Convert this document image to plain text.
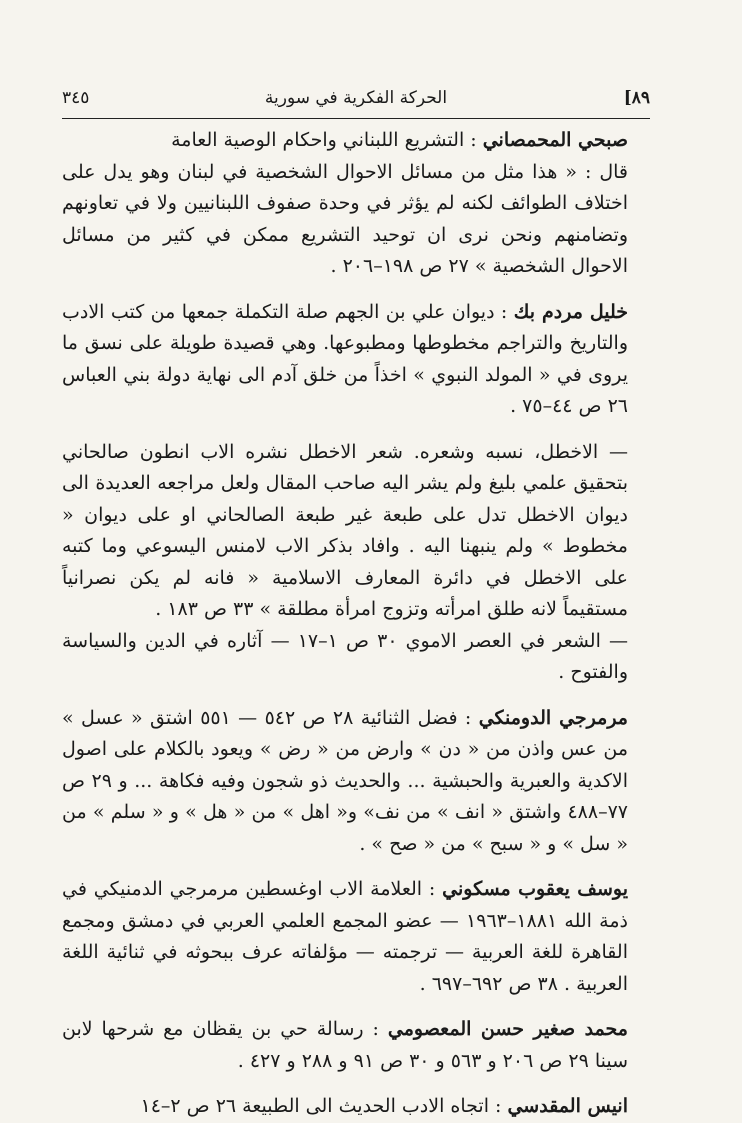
٨٩]
الحركة الفكرية في سورية
٣٤٥

صبحي المحمصاني : التشريع اللبناني واحكام الوصية العامة

قال : « هذا مثل من مسائل الاحوال الشخصية في لبنان وهو يدل على اختلاف الطوائف لكنه لم يؤثر في وحدة صفوف اللبنانيين ولا في تعاونهم وتضامنهم ونحن نرى ان توحيد التشريع ممكن في كثير من مسائل الاحوال الشخصية » ٢٧ ص ١٩٨–٢٠٦ .

خليل مردم بك : ديوان علي بن الجهم صلة التكملة جمعها من كتب الادب والتاريخ والتراجم مخطوطها ومطبوعها. وهي قصيدة طويلة على نسق ما يروى في « المولد النبوي » اخذاً من خلق آدم الى نهاية دولة بني العباس ٢٦ ص ٤٤–٧٥ .

— الاخطل، نسبه وشعره. شعر الاخطل نشره الاب انطون صالحاني بتحقيق علمي بليغ ولم يشر اليه صاحب المقال ولعل مراجعه العديدة الى ديوان الاخطل تدل على طبعة غير طبعة الصالحاني او على ديوان « مخطوط » ولم ينبهنا اليه . وافاد بذكر الاب لامنس اليسوعي وما كتبه على الاخطل في دائرة المعارف الاسلامية « فانه لم يكن نصرانياً مستقيماً لانه طلق امرأته وتزوج امرأة مطلقة » ٣٣ ص ١٨٣ .

— الشعر في العصر الاموي ٣٠ ص ١–١٧ — آثاره في الدين والسياسة والفتوح .

مرمرجي الدومنكي : فضل الثنائية ٢٨ ص ٥٤٢ — ٥٥١ اشتق « عسل » من عس واذن من « دن » وارض من « رض » ويعود بالكلام على اصول الاكدية والعبرية والحبشية ... والحديث ذو شجون وفيه فكاهة ... و ٢٩ ص ٧٧–٤٨٨ واشتق « انف » من نف» و« اهل » من « هل » و « سلم » من « سل » و « سبح » من « صح » .

يوسف يعقوب مسكوني : العلامة الاب اوغسطين مرمرجي الدمنيكي في ذمة الله ١٨٨١–١٩٦٣ — عضو المجمع العلمي العربي في دمشق ومجمع القاهرة للغة العربية — ترجمته — مؤلفاته عرف ببحوثه في ثنائية اللغة العربية . ٣٨ ص ٦٩٢–٦٩٧ .

محمد صغير حسن المعصومي : رسالة حي بن يقظان مع شرحها لابن سينا ٢٩ ص ٢٠٦ و ٥٦٣ و ٣٠ ص ٩١ و ٢٨٨ و ٤٢٧ .

انيس المقدسي : اتجاه الادب الحديث الى الطبيعة ٢٦ ص ٢–١٤
